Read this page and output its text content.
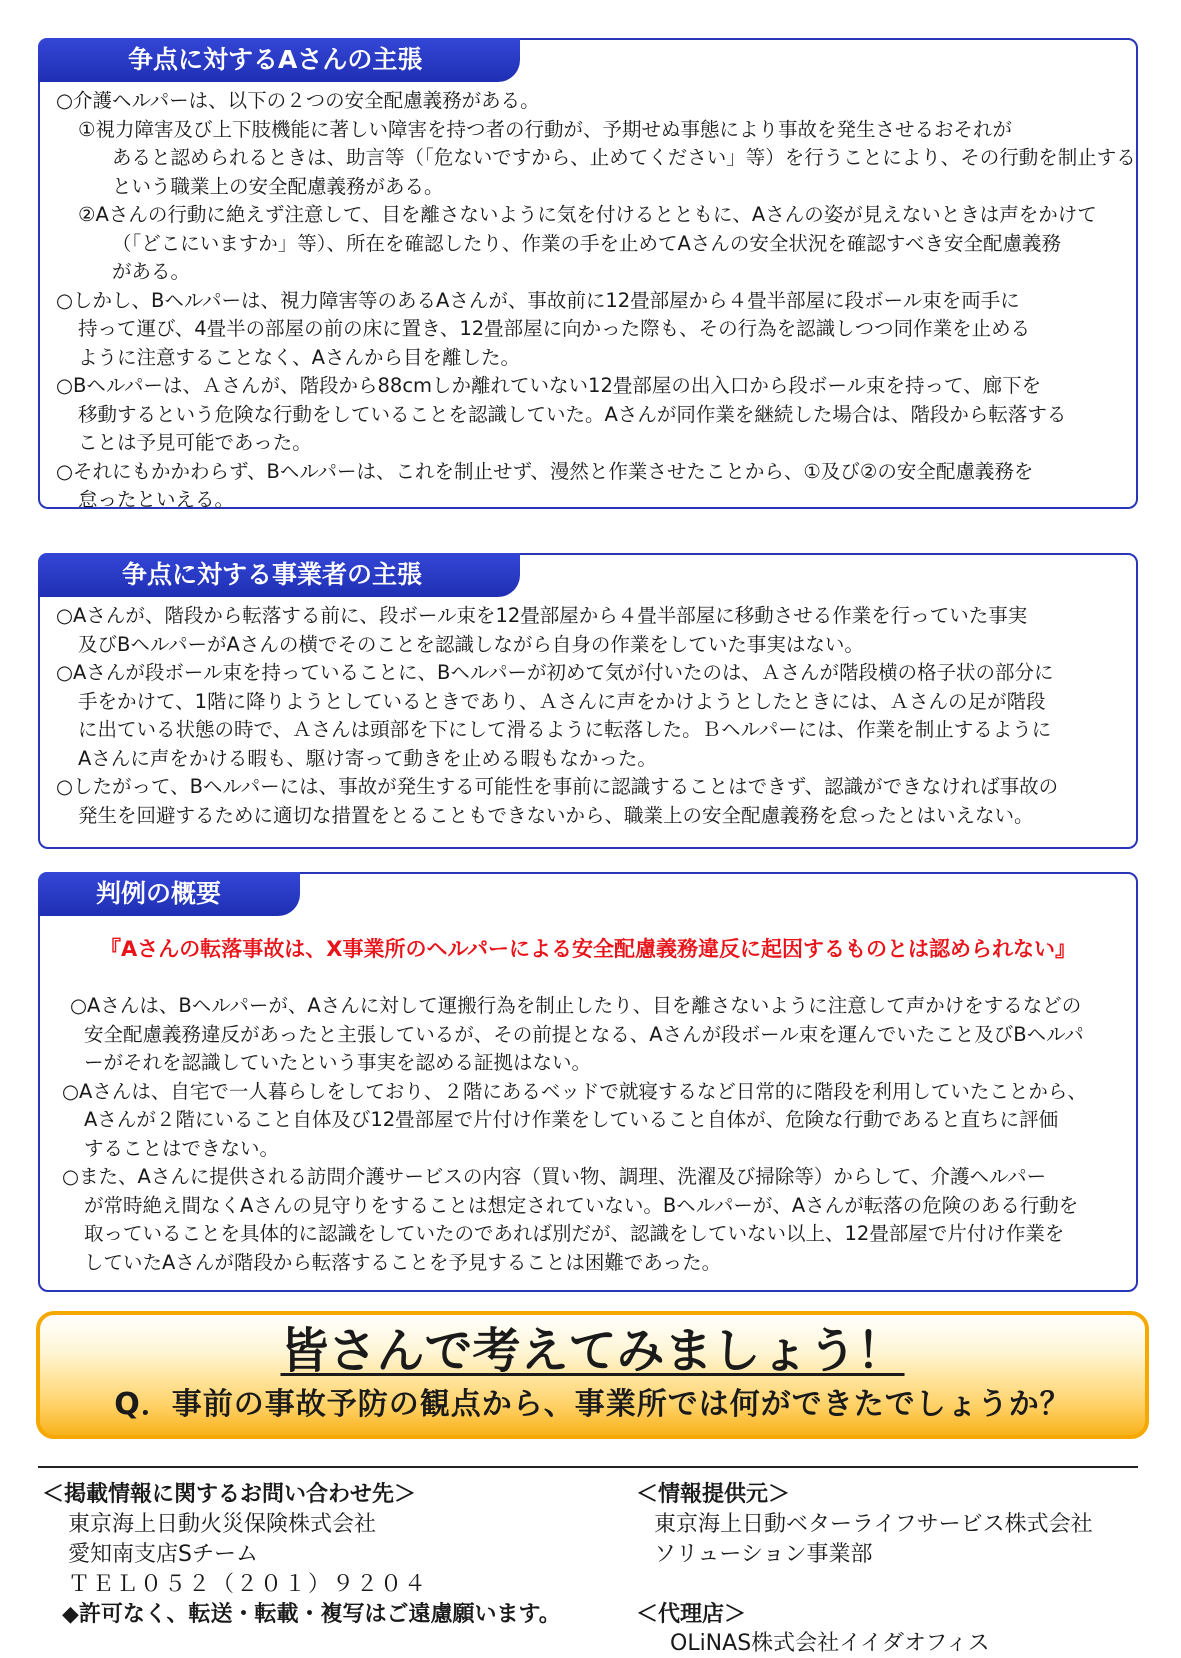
争点に対するAさんの主張

○介護ヘルパーは、以下の２つの安全配慮義務がある。

①視力障害及び上下肢機能に著しい障害を持つ者の行動が、予期せぬ事態により事故を発生させるおそれが

あると認められるときは、助言等（「危ないですから、止めてください」等）を行うことにより、その行動を制止する

という職業上の安全配慮義務がある。

②Aさんの行動に絶えず注意して、目を離さないように気を付けるとともに、Aさんの姿が見えないときは声をかけて

（「どこにいますか」等）、所在を確認したり、作業の手を止めてAさんの安全状況を確認すべき安全配慮義務

がある。

○しかし、Bヘルパーは、視力障害等のあるAさんが、事故前に12畳部屋から４畳半部屋に段ボール束を両手に

持って運び、4畳半の部屋の前の床に置き、12畳部屋に向かった際も、その行為を認識しつつ同作業を止める

ように注意することなく、Aさんから目を離した。

○Bヘルパーは、Ａさんが、階段から88cmしか離れていない12畳部屋の出入口から段ボール束を持って、廊下を

移動するという危険な行動をしていることを認識していた。Aさんが同作業を継続した場合は、階段から転落する

ことは予見可能であった。

○それにもかかわらず、Bヘルパーは、これを制止せず、漫然と作業させたことから、①及び②の安全配慮義務を

怠ったといえる。

争点に対する事業者の主張

○Aさんが、階段から転落する前に、段ボール束を12畳部屋から４畳半部屋に移動させる作業を行っていた事実

及びBヘルパーがAさんの横でそのことを認識しながら自身の作業をしていた事実はない。

○Aさんが段ボール束を持っていることに、Bヘルパーが初めて気が付いたのは、Ａさんが階段横の格子状の部分に

手をかけて、1階に降りようとしているときであり、Ａさんに声をかけようとしたときには、Ａさんの足が階段

に出ている状態の時で、Ａさんは頭部を下にして滑るように転落した。Ｂヘルパーには、作業を制止するように

Aさんに声をかける暇も、駆け寄って動きを止める暇もなかった。

○したがって、Bヘルパーには、事故が発生する可能性を事前に認識することはできず、認識ができなければ事故の

発生を回避するために適切な措置をとることもできないから、職業上の安全配慮義務を怠ったとはいえない。

判例の概要
『Aさんの転落事故は、X事業所のヘルパーによる安全配慮義務違反に起因するものとは認められない』

○Aさんは、Bヘルパーが、Aさんに対して運搬行為を制止したり、目を離さないように注意して声かけをするなどの

安全配慮義務違反があったと主張しているが、その前提となる、Aさんが段ボール束を運んでいたこと及びBヘルパ

ーがそれを認識していたという事実を認める証拠はない。

○Aさんは、自宅で一人暮らしをしており、２階にあるベッドで就寝するなど日常的に階段を利用していたことから、

Aさんが２階にいること自体及び12畳部屋で片付け作業をしていること自体が、危険な行動であると直ちに評価

することはできない。

○また、Aさんに提供される訪問介護サービスの内容（買い物、調理、洗濯及び掃除等）からして、介護ヘルパー

が常時絶え間なくAさんの見守りをすることは想定されていない。Bヘルパーが、Aさんが転落の危険のある行動を

取っていることを具体的に認識をしていたのであれば別だが、認識をしていない以上、12畳部屋で片付け作業を

していたAさんが階段から転落することを予見することは困難であった。

皆さんで考えてみましょう！
Q．事前の事故予防の観点から、事業所では何ができたでしょうか？
＜掲載情報に関するお問い合わせ先＞
東京海上日動火災保険株式会社
愛知南支店Sチーム
ＴＥＬ０５２（２０１）９２０４
◆許可なく、転送・転載・複写はご遠慮願います。
＜情報提供元＞
東京海上日動ベターライフサービス株式会社
ソリューション事業部
＜代理店＞
OLiNAS株式会社イイダオフィス
